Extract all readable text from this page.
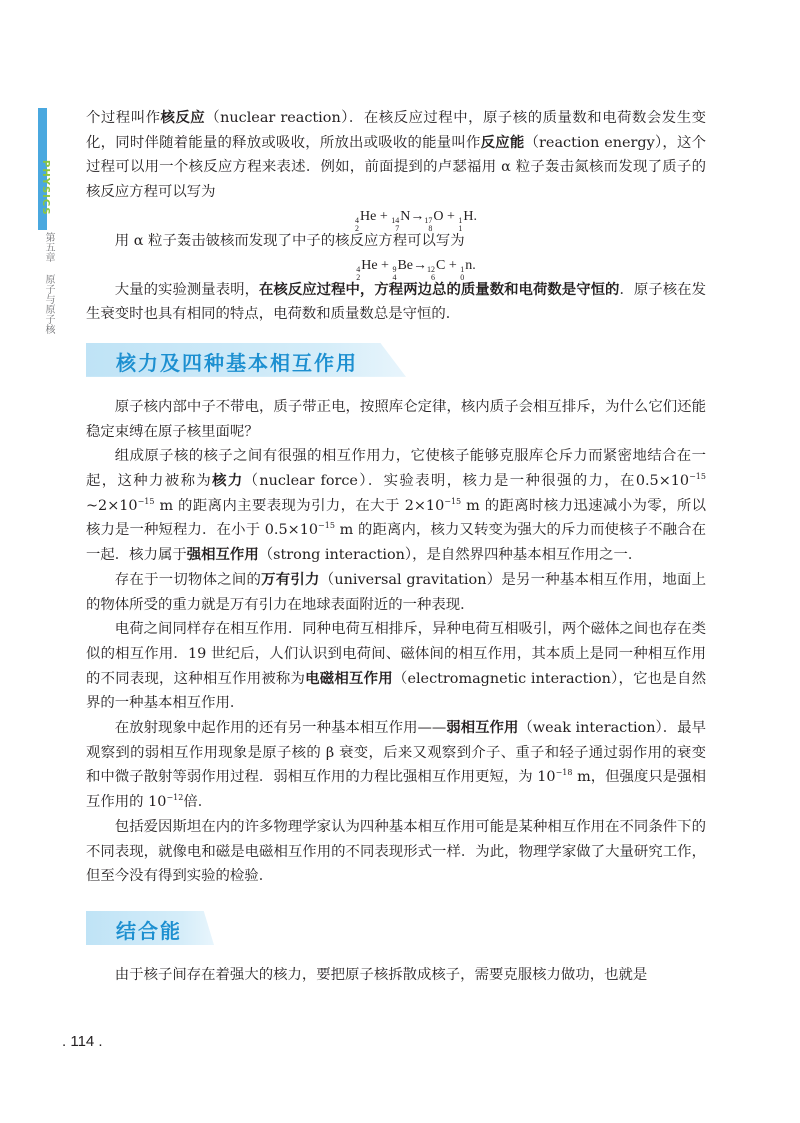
PHYSICS
第五章
原子与原子核

个过程叫作核反应（nuclear reaction）．在核反应过程中，原子核的质量数和电荷数会发生变化，同时伴随着能量的释放或吸收，所放出或吸收的能量叫作反应能（reaction energy），这个过程可以用一个核反应方程来表述．例如，前面提到的卢瑟福用 α 粒子轰击氮核而发现了质子的核反应方程可以写为

4
2
He + 14
7
N→ 17
8
O + 1
1
H.

用 α 粒子轰击铍核而发现了中子的核反应方程可以写为

4
2
He + 9
4
Be→ 12
6
C + 1
0
n.

大量的实验测量表明，在核反应过程中，方程两边总的质量数和电荷数是守恒的．原子核在发生衰变时也具有相同的特点，电荷数和质量数总是守恒的．

核力及四种基本相互作用

原子核内部中子不带电，质子带正电，按照库仑定律，核内质子会相互排斥，为什么它们还能稳定束缚在原子核里面呢？

组成原子核的核子之间有很强的相互作用力，它使核子能够克服库仑斥力而紧密地结合在一起，这种力被称为核力（nuclear force）．实验表明，核力是一种很强的力，在$0.5\times 10^{-15}$ $\sim 2\times 10^{-15}$ m 的距离内主要表现为引力，在大于 $2\times 10^{-15}$ m 的距离时核力迅速减小为零，所以核力是一种短程力．在小于 $0.5\times 10^{-15}$ m 的距离内，核力又转变为强大的斥力而使核子不融合在一起．核力属于强相互作用（strong interaction），是自然界四种基本相互作用之一．

存在于一切物体之间的万有引力（universal gravitation）是另一种基本相互作用，地面上的物体所受的重力就是万有引力在地球表面附近的一种表现．

电荷之间同样存在相互作用．同种电荷互相排斥，异种电荷互相吸引，两个磁体之间也存在类似的相互作用．19 世纪后，人们认识到电荷间、磁体间的相互作用，其本质上是同一种相互作用的不同表现，这种相互作用被称为电磁相互作用（electromagnetic interaction），它也是自然界的一种基本相互作用．

在放射现象中起作用的还有另一种基本相互作用——弱相互作用（weak interaction）．最早观察到的弱相互作用现象是原子核的 β 衰变，后来又观察到介子、重子和轻子通过弱作用的衰变和中微子散射等弱作用过程．弱相互作用的力程比强相互作用更短，为 $10^{-18}$ m，但强度只是强相互作用的 $10^{-12}$倍．

包括爱因斯坦在内的许多物理学家认为四种基本相互作用可能是某种相互作用在不同条件下的不同表现，就像电和磁是电磁相互作用的不同表现形式一样．为此，物理学家做了大量研究工作，但至今没有得到实验的检验．

结合能

由于核子间存在着强大的核力，要把原子核拆散成核子，需要克服核力做功，也就是

. 114 .
